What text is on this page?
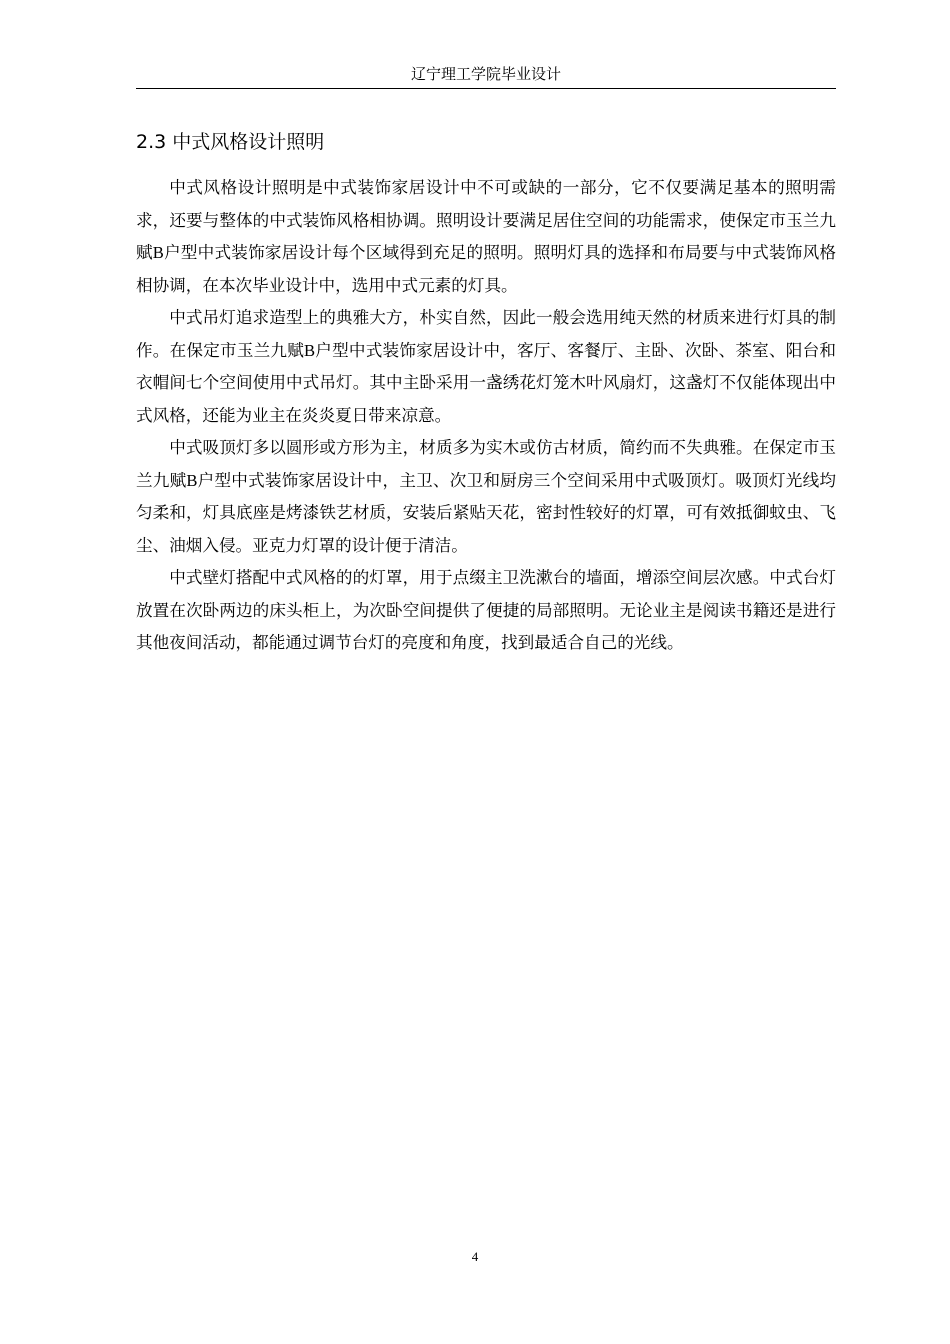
辽宁理工学院毕业设计
2.3 中式风格设计照明

中式风格设计照明是中式装饰家居设计中不可或缺的一部分，它不仅要满足基本的照明需求，还要与整体的中式装饰风格相协调。照明设计要满足居住空间的功能需求，使保定市玉兰九赋B户型中式装饰家居设计每个区域得到充足的照明。照明灯具的选择和布局要与中式装饰风格相协调，在本次毕业设计中，选用中式元素的灯具。

中式吊灯追求造型上的典雅大方，朴实自然，因此一般会选用纯天然的材质来进行灯具的制作。在保定市玉兰九赋B户型中式装饰家居设计中，客厅、客餐厅、主卧、次卧、茶室、阳台和衣帽间七个空间使用中式吊灯。其中主卧采用一盏绣花灯笼木叶风扇灯，这盏灯不仅能体现出中式风格，还能为业主在炎炎夏日带来凉意。

中式吸顶灯多以圆形或方形为主，材质多为实木或仿古材质，简约而不失典雅。在保定市玉兰九赋B户型中式装饰家居设计中，主卫、次卫和厨房三个空间采用中式吸顶灯。吸顶灯光线均匀柔和，灯具底座是烤漆铁艺材质，安装后紧贴天花，密封性较好的灯罩，可有效抵御蚊虫、飞尘、油烟入侵。亚克力灯罩的设计便于清洁。

中式壁灯搭配中式风格的的灯罩，用于点缀主卫洗漱台的墙面，增添空间层次感。中式台灯放置在次卧两边的床头柜上，为次卧空间提供了便捷的局部照明。无论业主是阅读书籍还是进行其他夜间活动，都能通过调节台灯的亮度和角度，找到最适合自己的光线。

4
